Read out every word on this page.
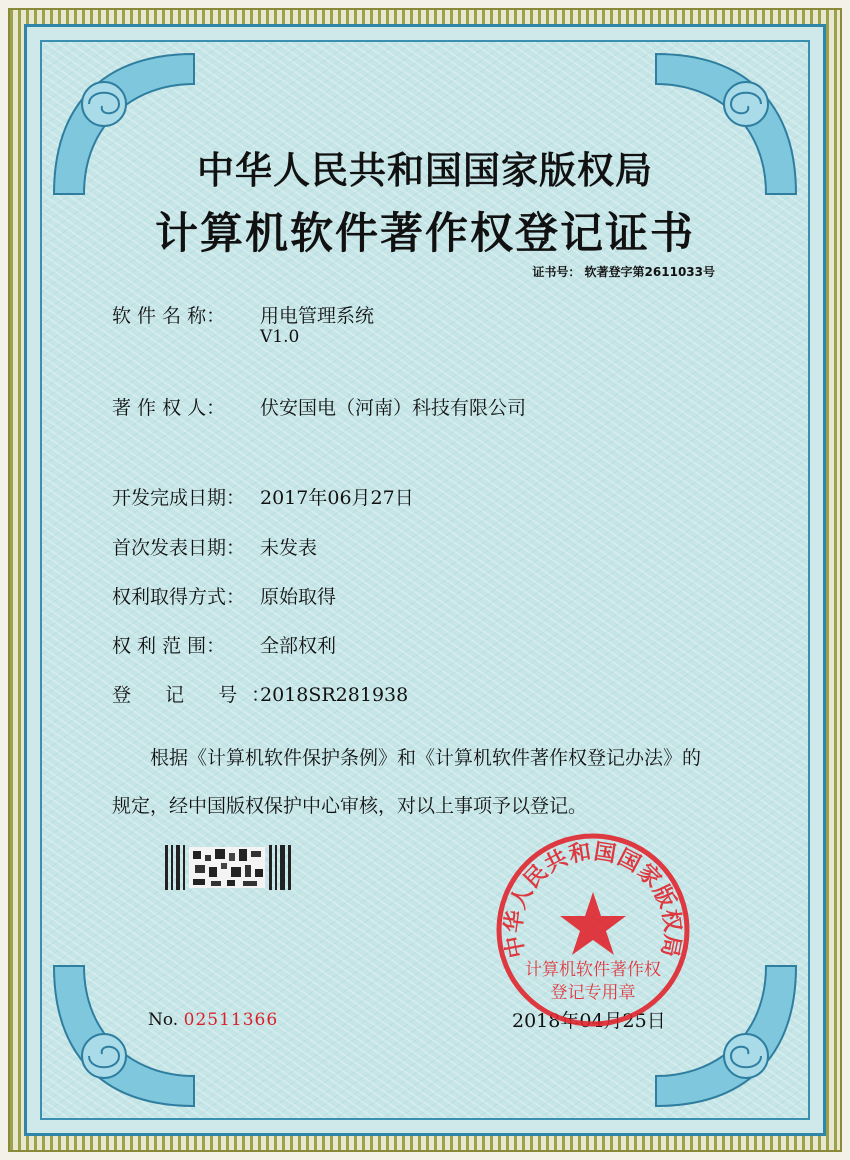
中华人民共和国国家版权局
计算机软件著作权登记证书
证书号： 软著登字第2611033号
软 件 名 称： 用电管理系统
V1.0
著 作 权 人： 伏安国电（河南）科技有限公司
开发完成日期： 2017年06月27日
首次发表日期： 未发表
权利取得方式： 原始取得
权 利 范 围： 全部权利
登 记 号：2018SR281938
　　根据《计算机软件保护条例》和《计算机软件著作权登记办法》的
规定，经中国版权保护中心审核，对以上事项予以登记。
No. 02511366	2018年04月25日
中华人民共和国国家版权局
计算机软件著作权
登记专用章
